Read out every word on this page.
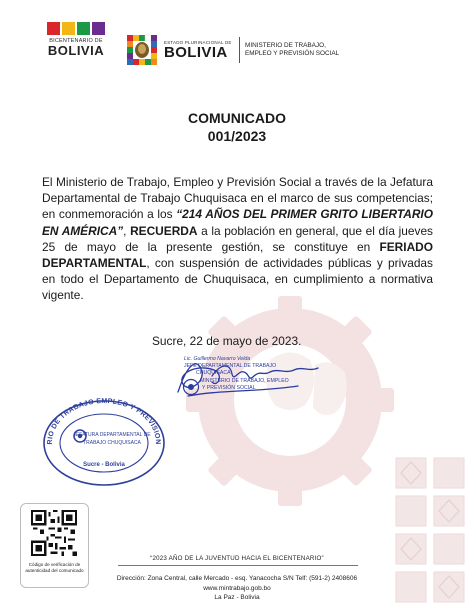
BICENTENARIO DE
BOLIVIA
ESTADO PLURINACIONAL DE
BOLIVIA	MINISTERIO DE TRABAJO,
EMPLEO Y PREVISIÓN SOCIAL
COMUNICADO
001/2023
El Ministerio de Trabajo, Empleo y Previsión Social a través de la Jefatura Departamental de Trabajo Chuquisaca en el marco de sus competencias; en conmemoración a los “214 AÑOS DEL PRIMER GRITO LIBERTARIO EN AMÉRICA”, RECUERDA a la población en general, que el día jueves 25 de mayo de la presente gestión, se constituye en FERIADO DEPARTAMENTAL, con suspensión de actividades públicas y privadas en todo el Departamento de Chuquisaca, en cumplimiento a normativa vigente.
Sucre, 22 de mayo de 2023.
Lic. Guillermo Navarro Velda
JEFE DEPARTAMENTAL DE TRABAJO
CHUQUISACA
MINISTERIO DE TRABAJO, EMPLEO
Y PREVISIÓN SOCIAL
RIO DE TRABAJO EMPLEO Y PREVISION
JEFATURA DEPARTAMENTAL DE
TRABAJO CHUQUISACA
Sucre - Bolivia
Código de verificación de
autenticidad del comunicado
“2023 AÑO DE LA JUVENTUD HACIA EL BICENTENARIO”
Dirección: Zona Central, calle Mercado - esq. Yanacocha S/N Telf: (591-2) 2408606
www.mintrabajo.gob.bo
La Paz - Bolivia
